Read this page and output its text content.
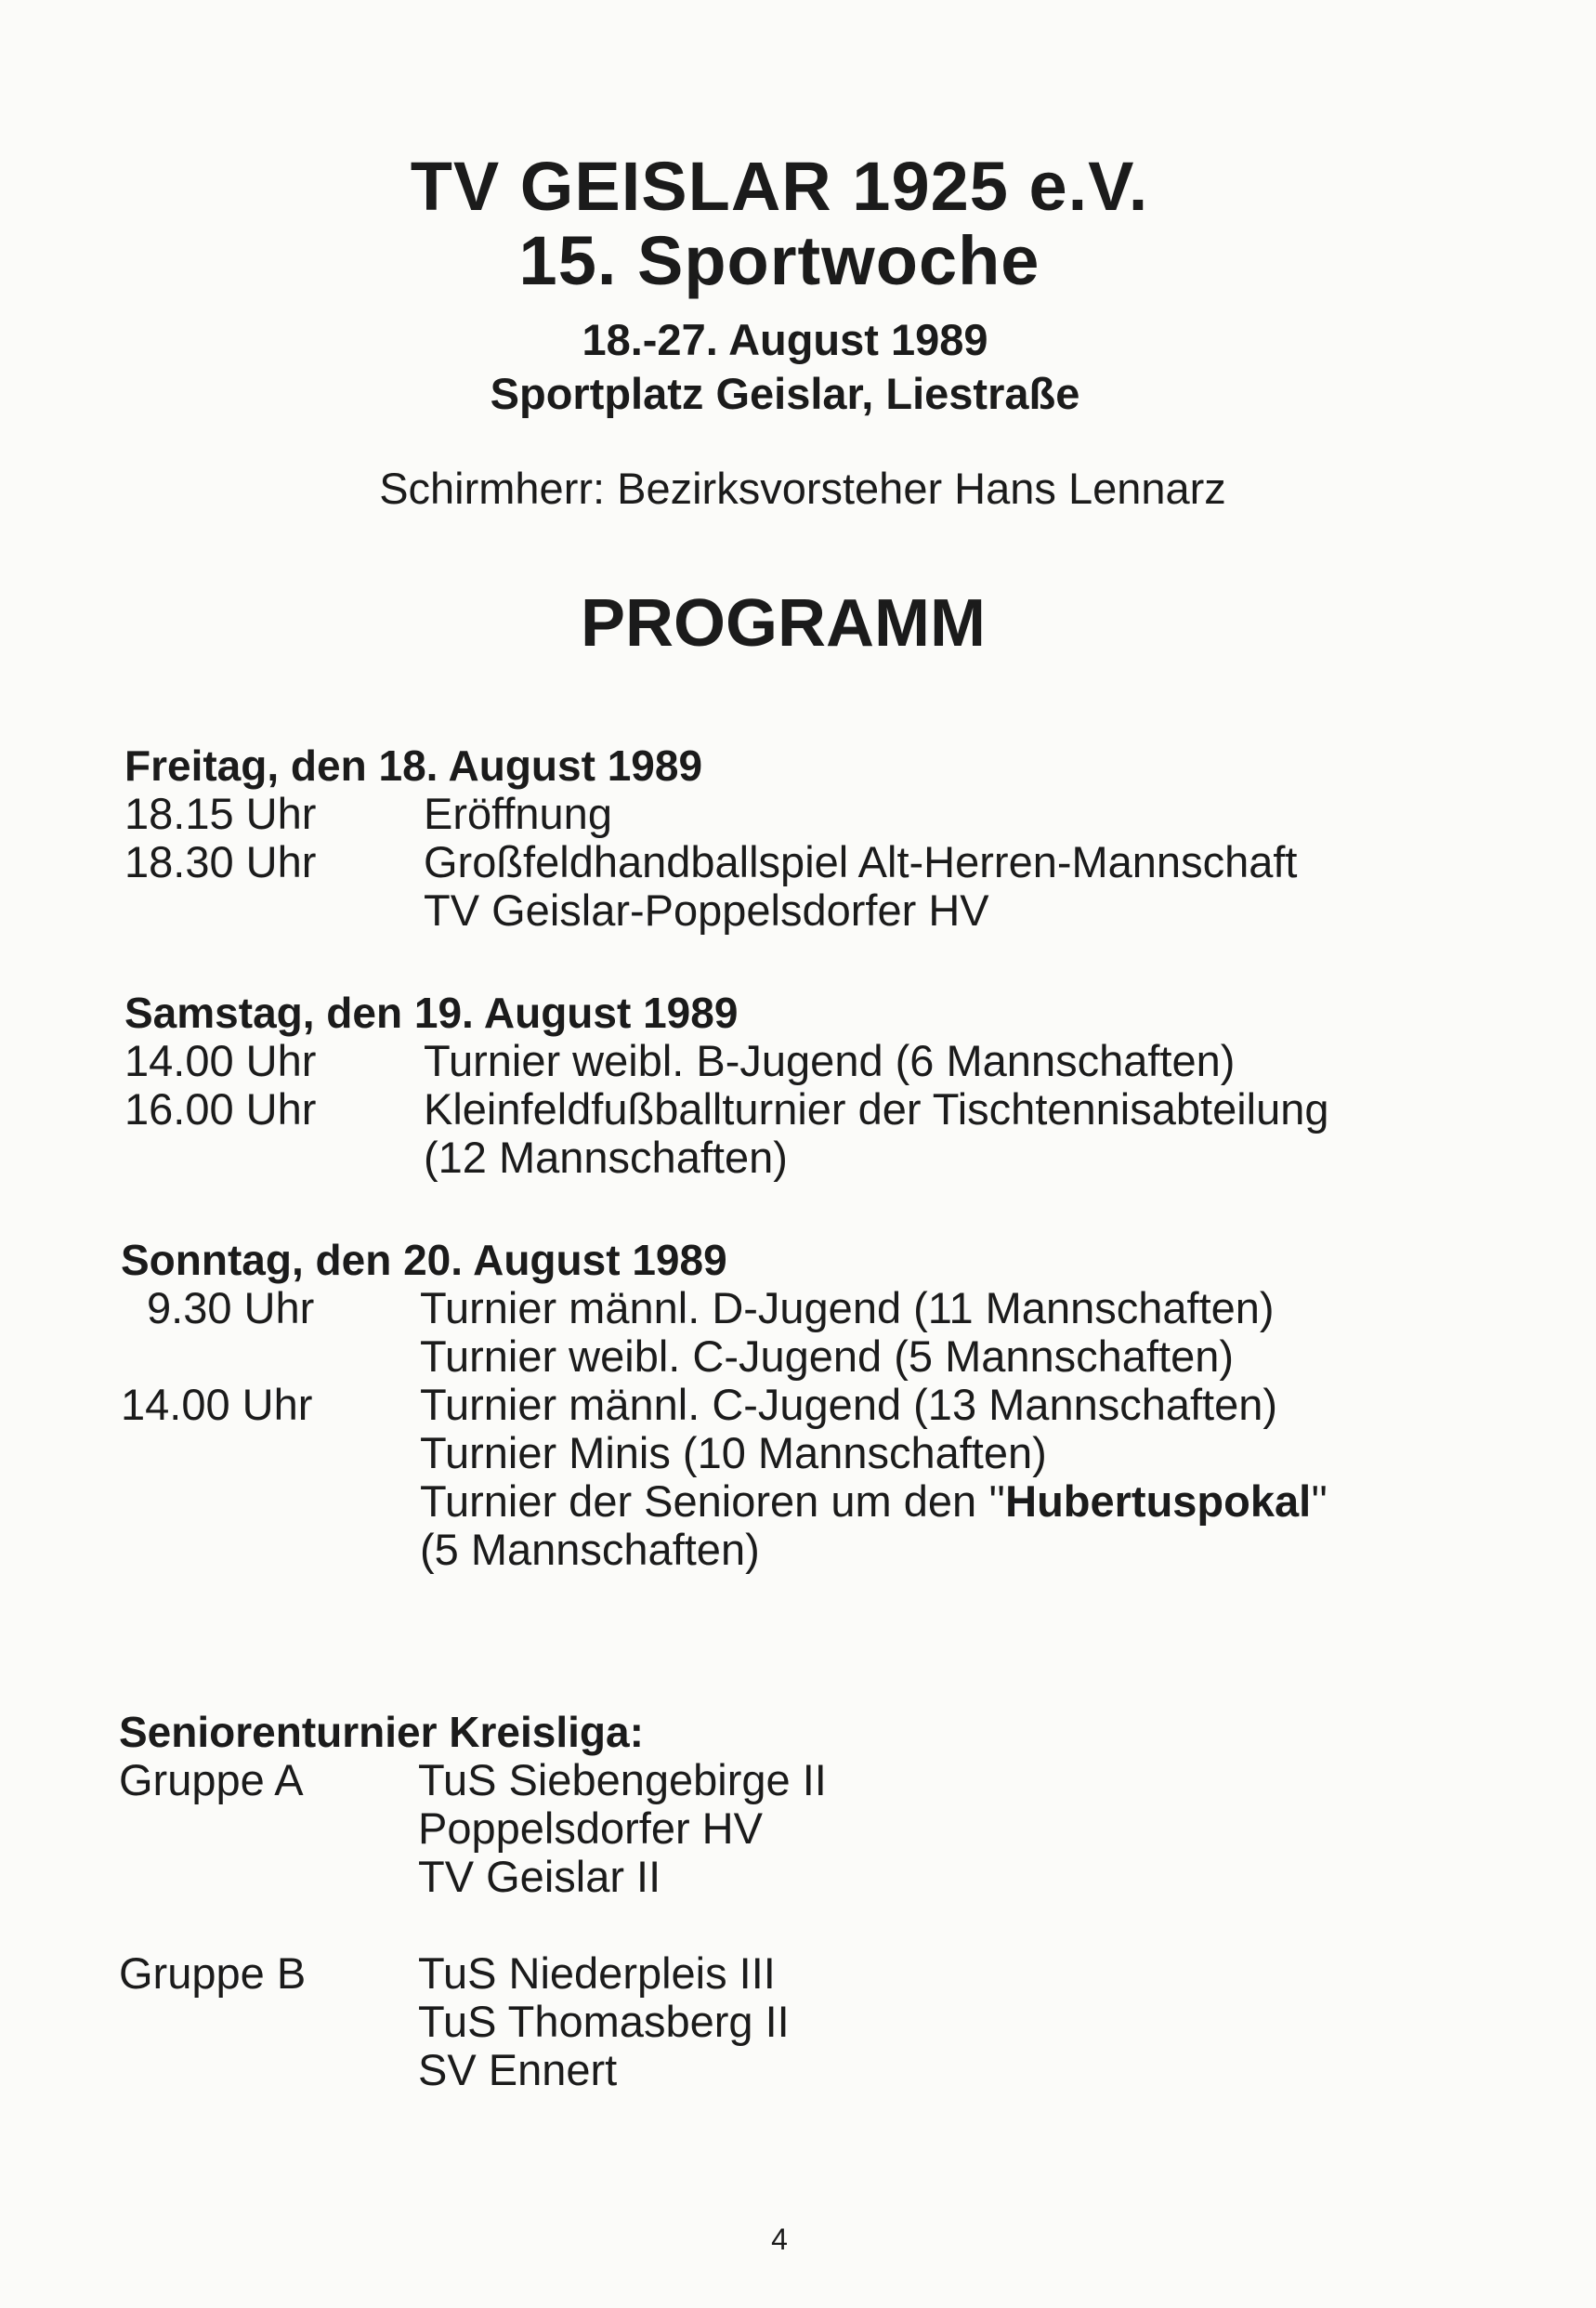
TV GEISLAR 1925 e.V.
15. Sportwoche
18.-27. August 1989
Sportplatz Geislar, Liestraße
Schirmherr: Bezirksvorsteher Hans Lennarz
PROGRAMM
Freitag, den 18. August 1989
18.15 Uhr	Eröffnung
18.30 Uhr	Großfeldhandballspiel Alt-Herren-Mannschaft
TV Geislar-Poppelsdorfer HV
Samstag, den 19. August 1989
14.00 Uhr	Turnier weibl. B-Jugend (6 Mannschaften)
16.00 Uhr	Kleinfeldfußballturnier der Tischtennisabteilung
(12 Mannschaften)
Sonntag, den 20. August 1989
9.30 Uhr	Turnier männl. D-Jugend (11 Mannschaften)
Turnier weibl. C-Jugend (5 Mannschaften)
14.00 Uhr	Turnier männl. C-Jugend (13 Mannschaften)
Turnier Minis (10 Mannschaften)
Turnier der Senioren um den ''Hubertuspokal''
(5 Mannschaften)
Seniorenturnier Kreisliga:
Gruppe A	TuS Siebengebirge II
Poppelsdorfer HV
TV Geislar II
Gruppe B	TuS Niederpleis III
TuS Thomasberg II
SV Ennert
4
